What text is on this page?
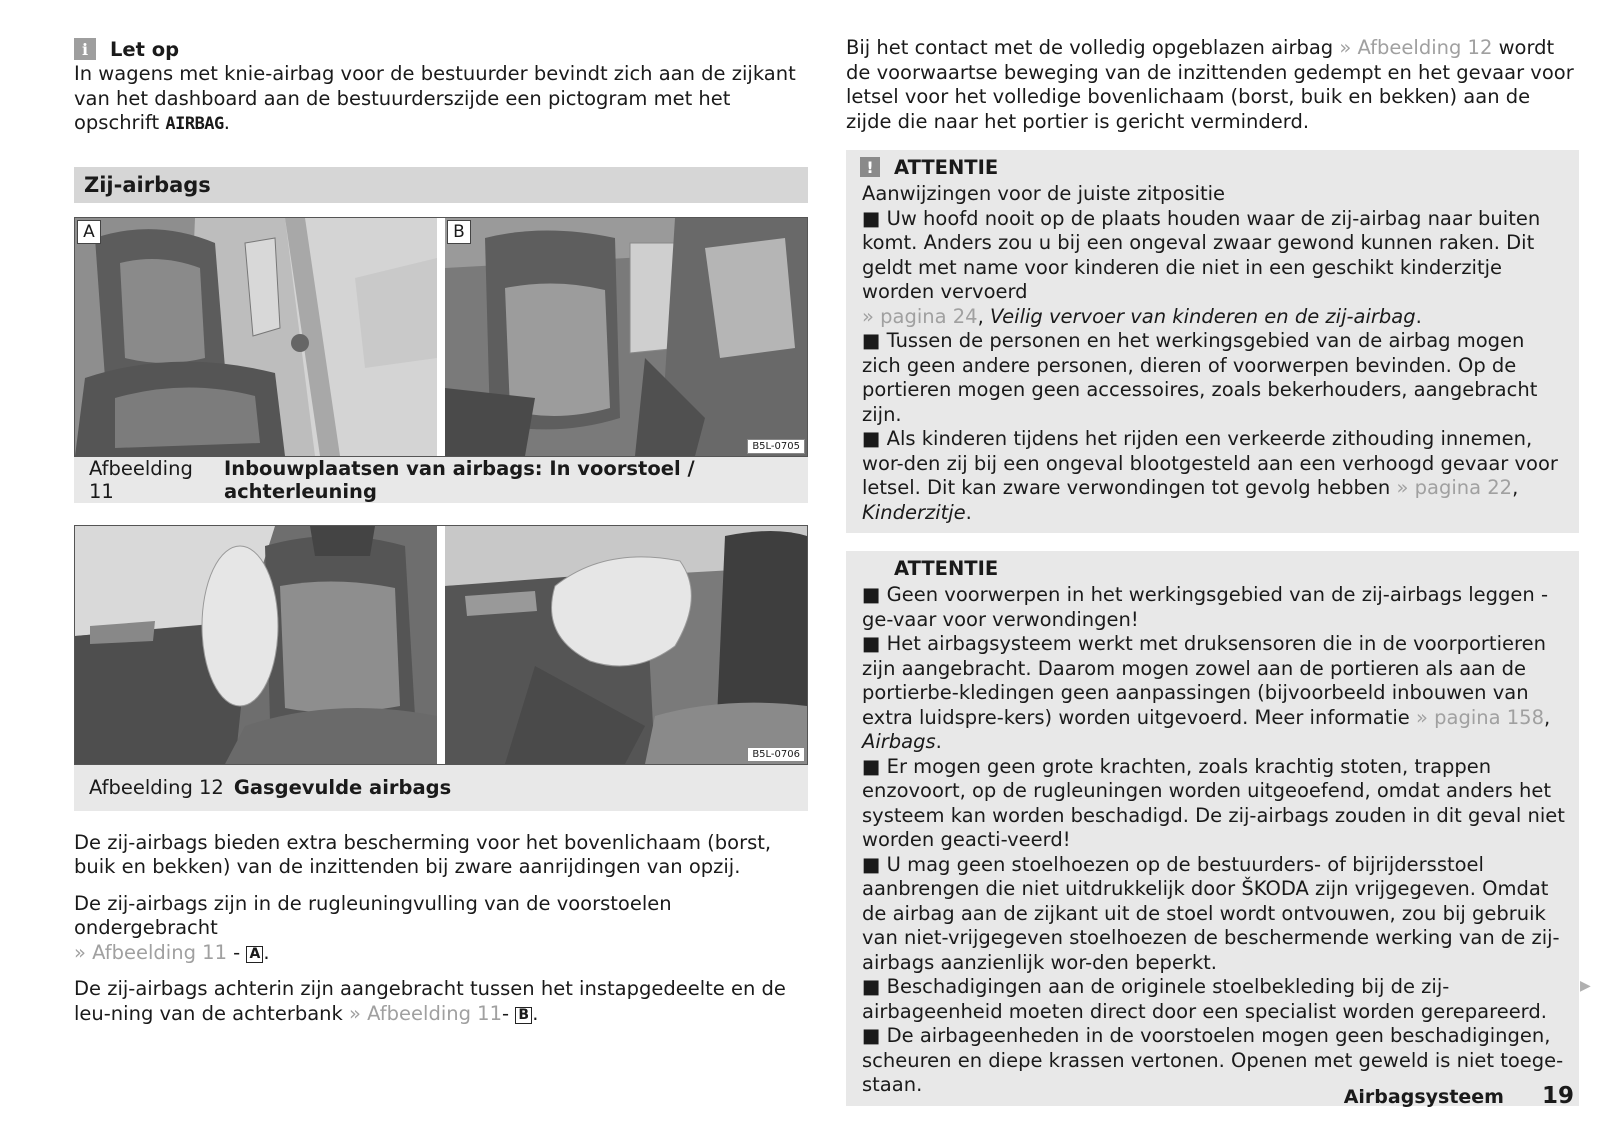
i	Let op

In wagens met knie-airbag voor de bestuurder bevindt zich aan de zijkant van het dashboard aan de bestuurderszijde een pictogram met het opschrift AIRBAG.

Zij-airbags
A	B
B5L-0705
Afbeelding 11
Inbouwplaatsen van airbags: In voorstoel / achterleuning
B5L-0706
Afbeelding 12 Gasgevulde airbags

De zij-airbags bieden extra bescherming voor het bovenlichaam (borst, buik en bekken) van de inzittenden bij zware aanrijdingen van opzij.

De zij-airbags zijn in de rugleuningvulling van de voorstoelen ondergebracht
» Afbeelding 11 - A .

De zij-airbags achterin zijn aangebracht tussen het instapgedeelte en de leu-ning van de achterbank » Afbeelding 11- B .

Bij het contact met de volledig opgeblazen airbag » Afbeelding 12 wordt de voorwaartse beweging van de inzittenden gedempt en het gevaar voor letsel voor het volledige bovenlichaam (borst, buik en bekken) aan de zijde die naar het portier is gericht verminderd.

!	ATTENTIE

Aanwijzingen voor de juiste zitpositie

■ Uw hoofd nooit op de plaats houden waar de zij-airbag naar buiten komt. Anders zou u bij een ongeval zwaar gewond kunnen raken. Dit geldt met name voor kinderen die niet in een geschikt kinderzitje worden vervoerd
» pagina 24, Veilig vervoer van kinderen en de zij-airbag.

■ Tussen de personen en het werkingsgebied van de airbag mogen zich geen andere personen, dieren of voorwerpen bevinden. Op de portieren mogen geen accessoires, zoals bekerhouders, aangebracht zijn.

■ Als kinderen tijdens het rijden een verkeerde zithouding innemen, wor-den zij bij een ongeval blootgesteld aan een verhoogd gevaar voor letsel. Dit kan zware verwondingen tot gevolg hebben » pagina 22, Kinderzitje.

ATTENTIE

■ Geen voorwerpen in het werkingsgebied van de zij-airbags leggen - ge-vaar voor verwondingen!

■ Het airbagsysteem werkt met druksensoren die in de voorportieren zijn aangebracht. Daarom mogen zowel aan de portieren als aan de portierbe-kledingen geen aanpassingen (bijvoorbeeld inbouwen van extra luidspre-kers) worden uitgevoerd. Meer informatie » pagina 158, Airbags.

■ Er mogen geen grote krachten, zoals krachtig stoten, trappen enzovoort, op de rugleuningen worden uitgeoefend, omdat anders het systeem kan worden beschadigd. De zij-airbags zouden in dit geval niet worden geacti-veerd!

■ U mag geen stoelhoezen op de bestuurders- of bijrijdersstoel aanbrengen die niet uitdrukkelijk door ŠKODA zijn vrijgegeven. Omdat de airbag aan de zijkant uit de stoel wordt ontvouwen, zou bij gebruik van niet-vrijgegeven stoelhoezen de beschermende werking van de zij-airbags aanzienlijk wor-den beperkt.

■ Beschadigingen aan de originele stoelbekleding bij de zij-airbageenheid moeten direct door een specialist worden gerepareerd.

■ De airbageenheden in de voorstoelen mogen geen beschadigingen, scheuren en diepe krassen vertonen. Openen met geweld is niet toege-staan.

▶
Airbagsysteem 19
